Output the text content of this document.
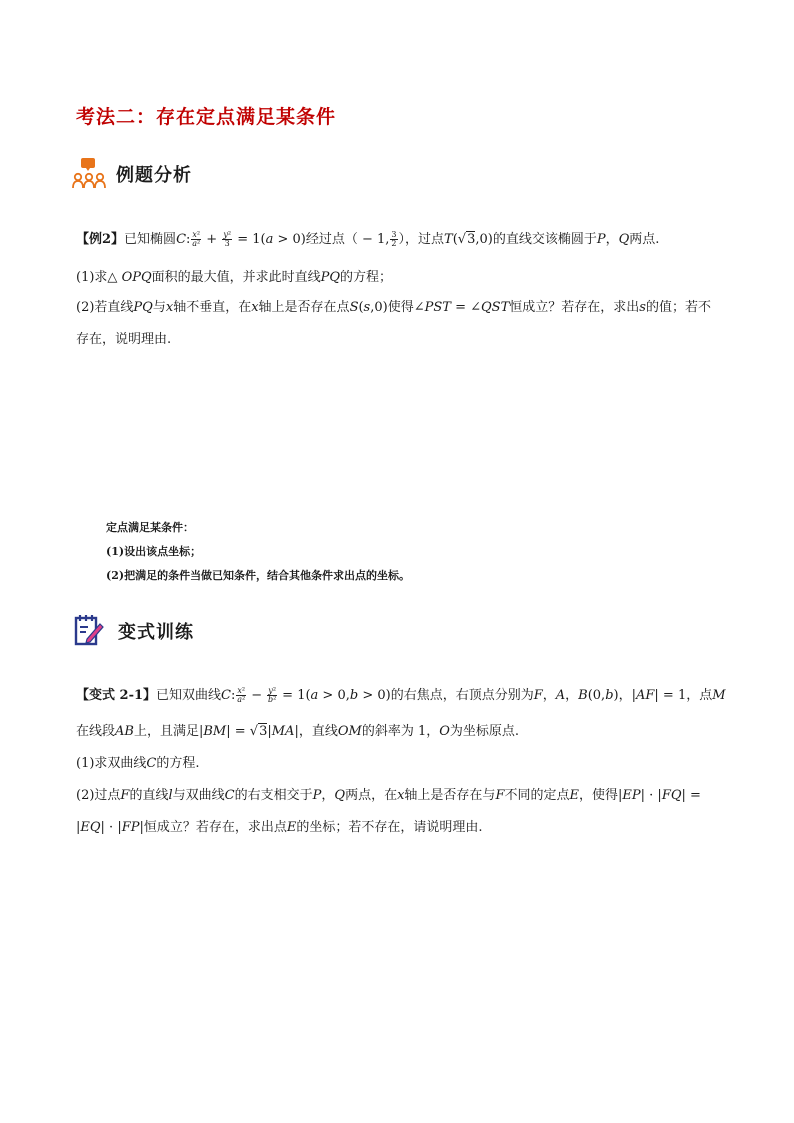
考法二：存在定点满足某条件
例题分析
【例2】已知椭圆C: $\frac{\text{x²}}{\text{a²}} + \frac{\text{y²}}{3} = 1(a > 0)$经过点（ − 1, $\frac{3}{2}$ ），过点T(√3,0)的直线交该椭圆于P，Q两点.
(1)求△ OPQ面积的最大值，并求此时直线PQ的方程；
(2)若直线PQ与x轴不垂直，在x轴上是否存在点S(s,0)使得∠PST = ∠QST恒成立？若存在，求出s的值；若不
存在，说明理由.
定点满足某条件：
(1)设出该点坐标；
(2)把满足的条件当做已知条件，结合其他条件求出点的坐标。
变式训练
【变式 2-1】已知双曲线C: $\frac{\text{x²}}{\text{a²}} - \frac{\text{y²}}{\text{b²}} = 1(a > 0,b > 0)$的右焦点，右顶点分别为F，A，B(0,b)，|AF| = 1，点M
在线段AB上，且满足|BM| = √3|MA|，直线OM的斜率为 1，O为坐标原点.
(1)求双曲线C的方程.
(2)过点F的直线l与双曲线C的右支相交于P，Q两点，在x轴上是否存在与F不同的定点E，使得|EP| · |FQ| =
|EQ| · |FP|恒成立？若存在，求出点E的坐标；若不存在，请说明理由.
